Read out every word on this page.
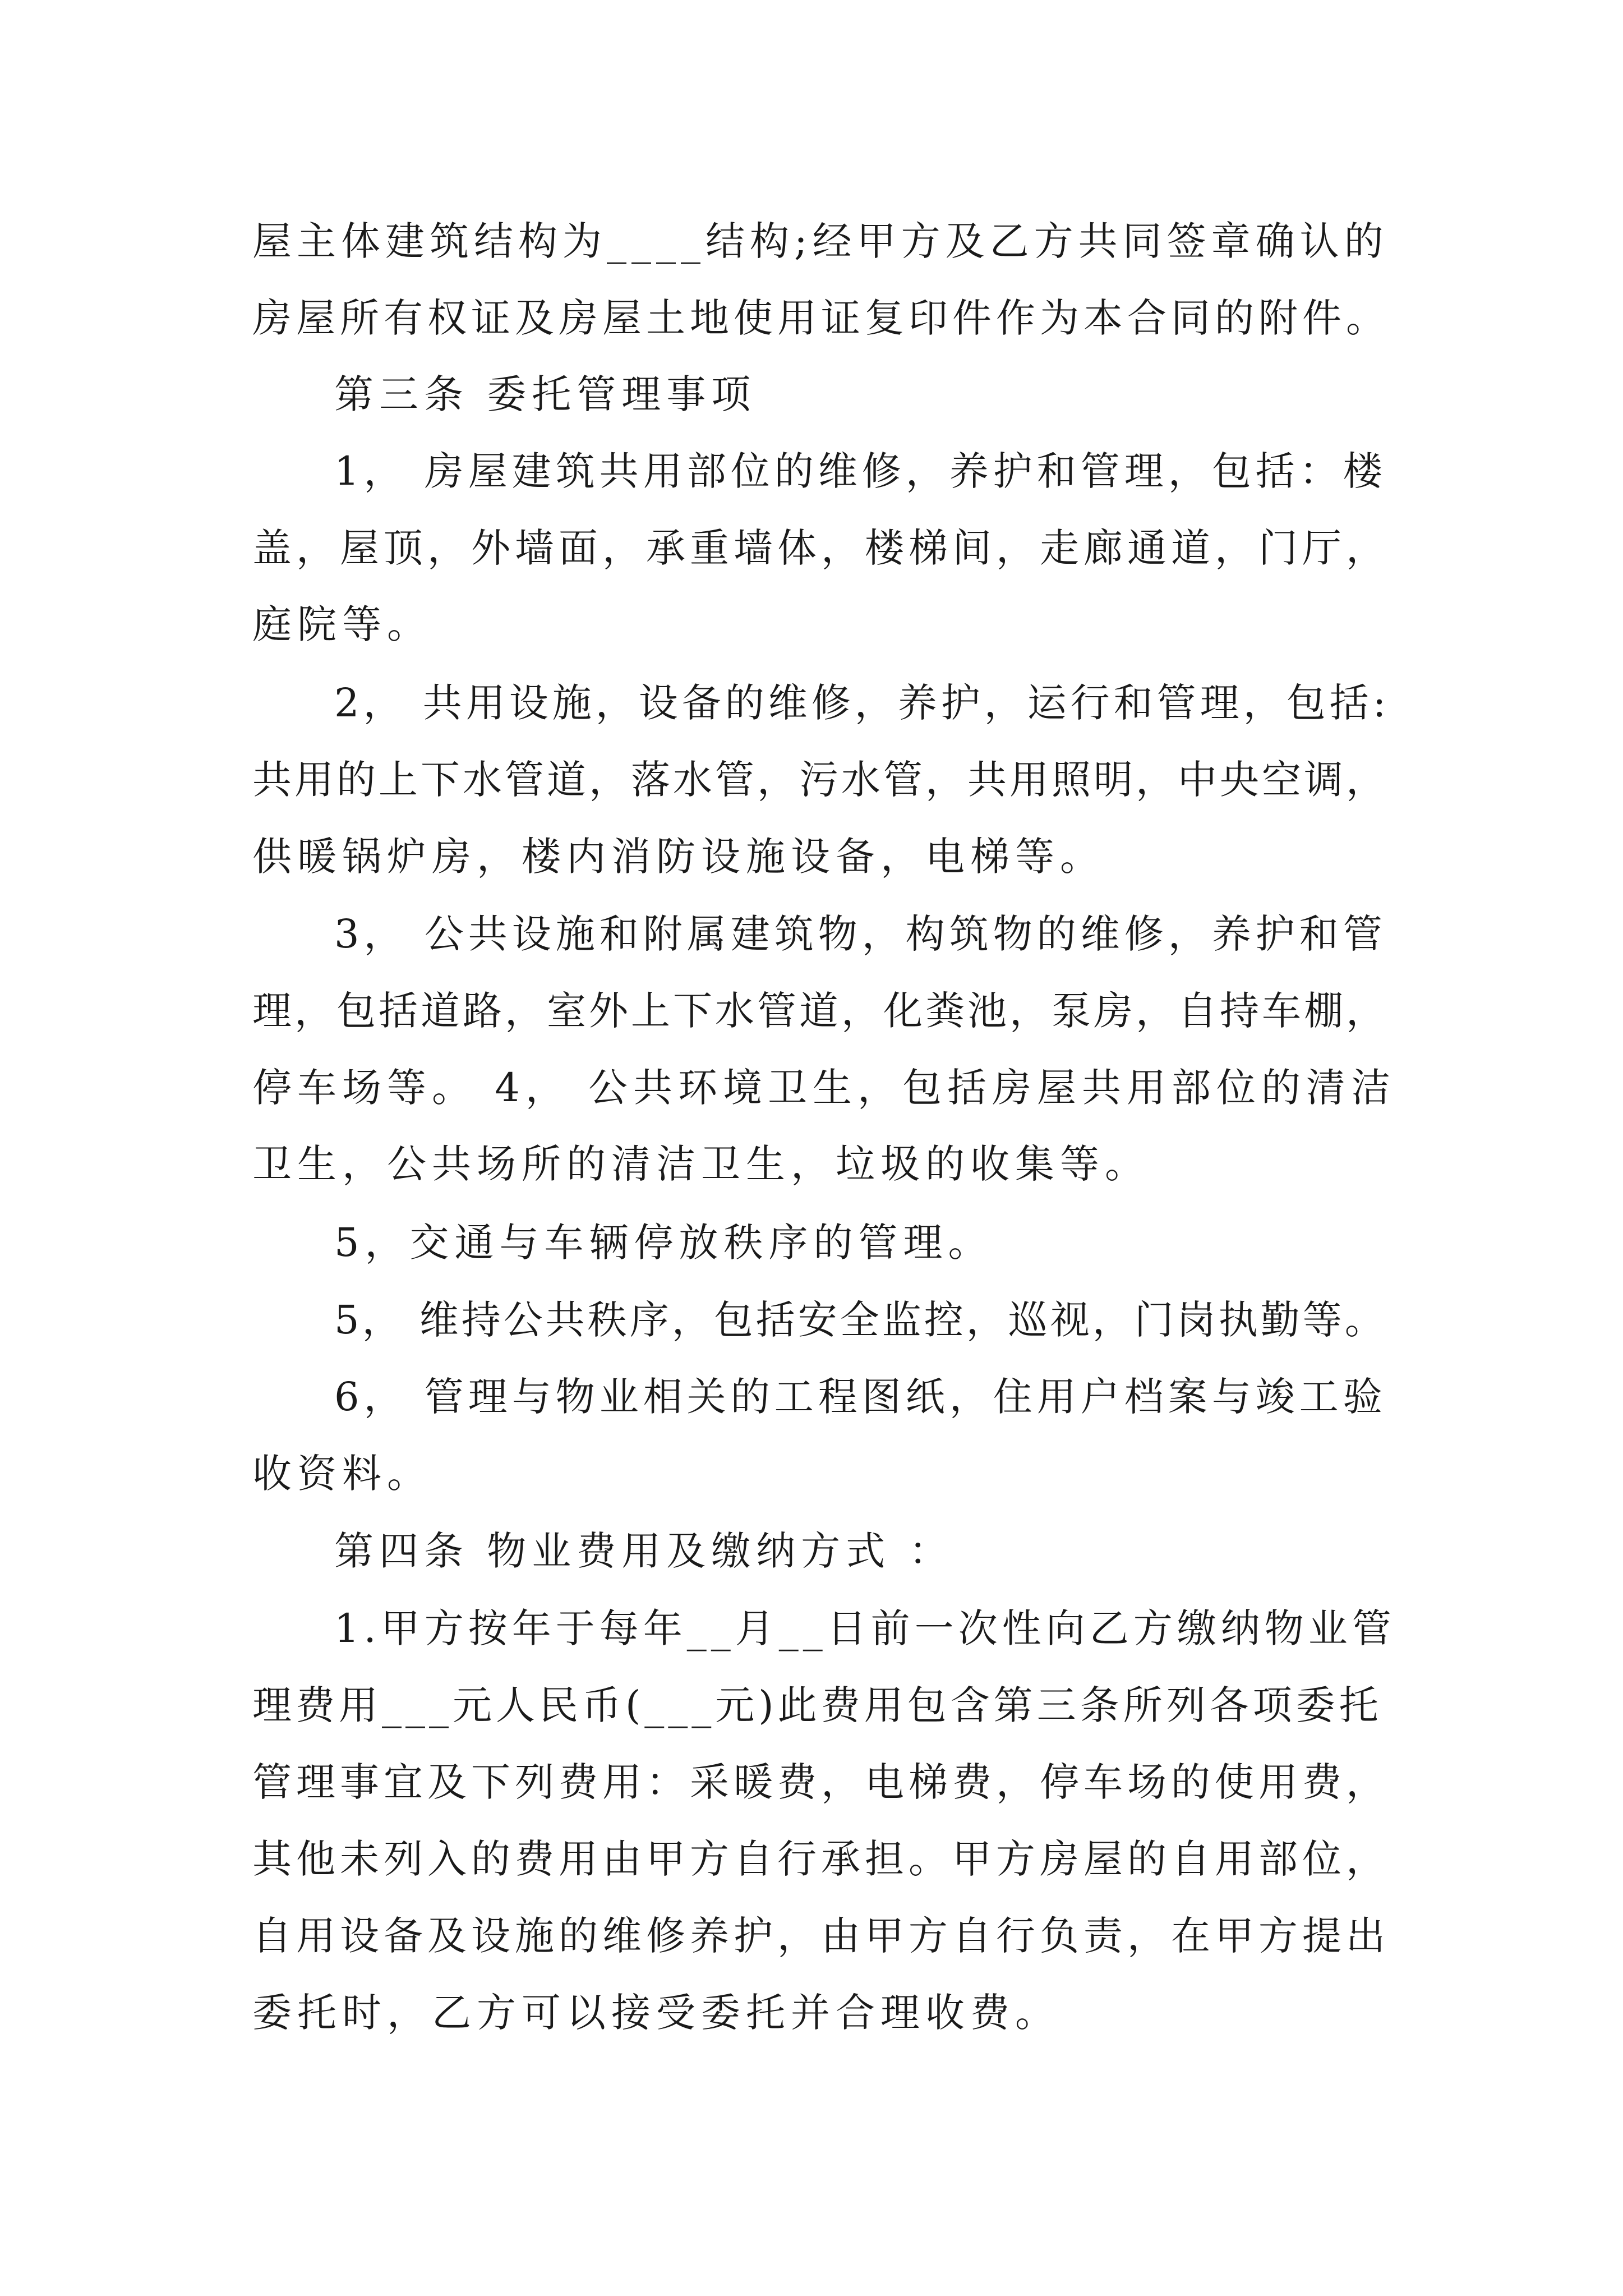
屋主体建筑结构为____结构;经甲方及乙方共同签章确认的
房屋所有权证及房屋土地使用证复印件作为本合同的附件。
第三条 委托管理事项
1， 房屋建筑共用部位的维修，养护和管理，包括：楼
盖，屋顶，外墙面，承重墙体，楼梯间，走廊通道，门厅，
庭院等。
2， 共用设施，设备的维修，养护，运行和管理，包括:
共用的上下水管道，落水管，污水管，共用照明，中央空调，
供暖锅炉房，楼内消防设施设备，电梯等。
3， 公共设施和附属建筑物，构筑物的维修，养护和管
理，包括道路，室外上下水管道，化粪池，泵房，自持车棚，
停车场等。 4， 公共环境卫生，包括房屋共用部位的清洁
卫生，公共场所的清洁卫生，垃圾的收集等。
5，交通与车辆停放秩序的管理。
5， 维持公共秩序，包括安全监控，巡视，门岗执勤等。
6， 管理与物业相关的工程图纸，住用户档案与竣工验
收资料。
第四条 物业费用及缴纳方式 ：
1.甲方按年于每年__月__日前一次性向乙方缴纳物业管
理费用___元人民币(___元)此费用包含第三条所列各项委托
管理事宜及下列费用：采暖费，电梯费，停车场的使用费，
其他未列入的费用由甲方自行承担。甲方房屋的自用部位，
自用设备及设施的维修养护，由甲方自行负责，在甲方提出
委托时，乙方可以接受委托并合理收费。
